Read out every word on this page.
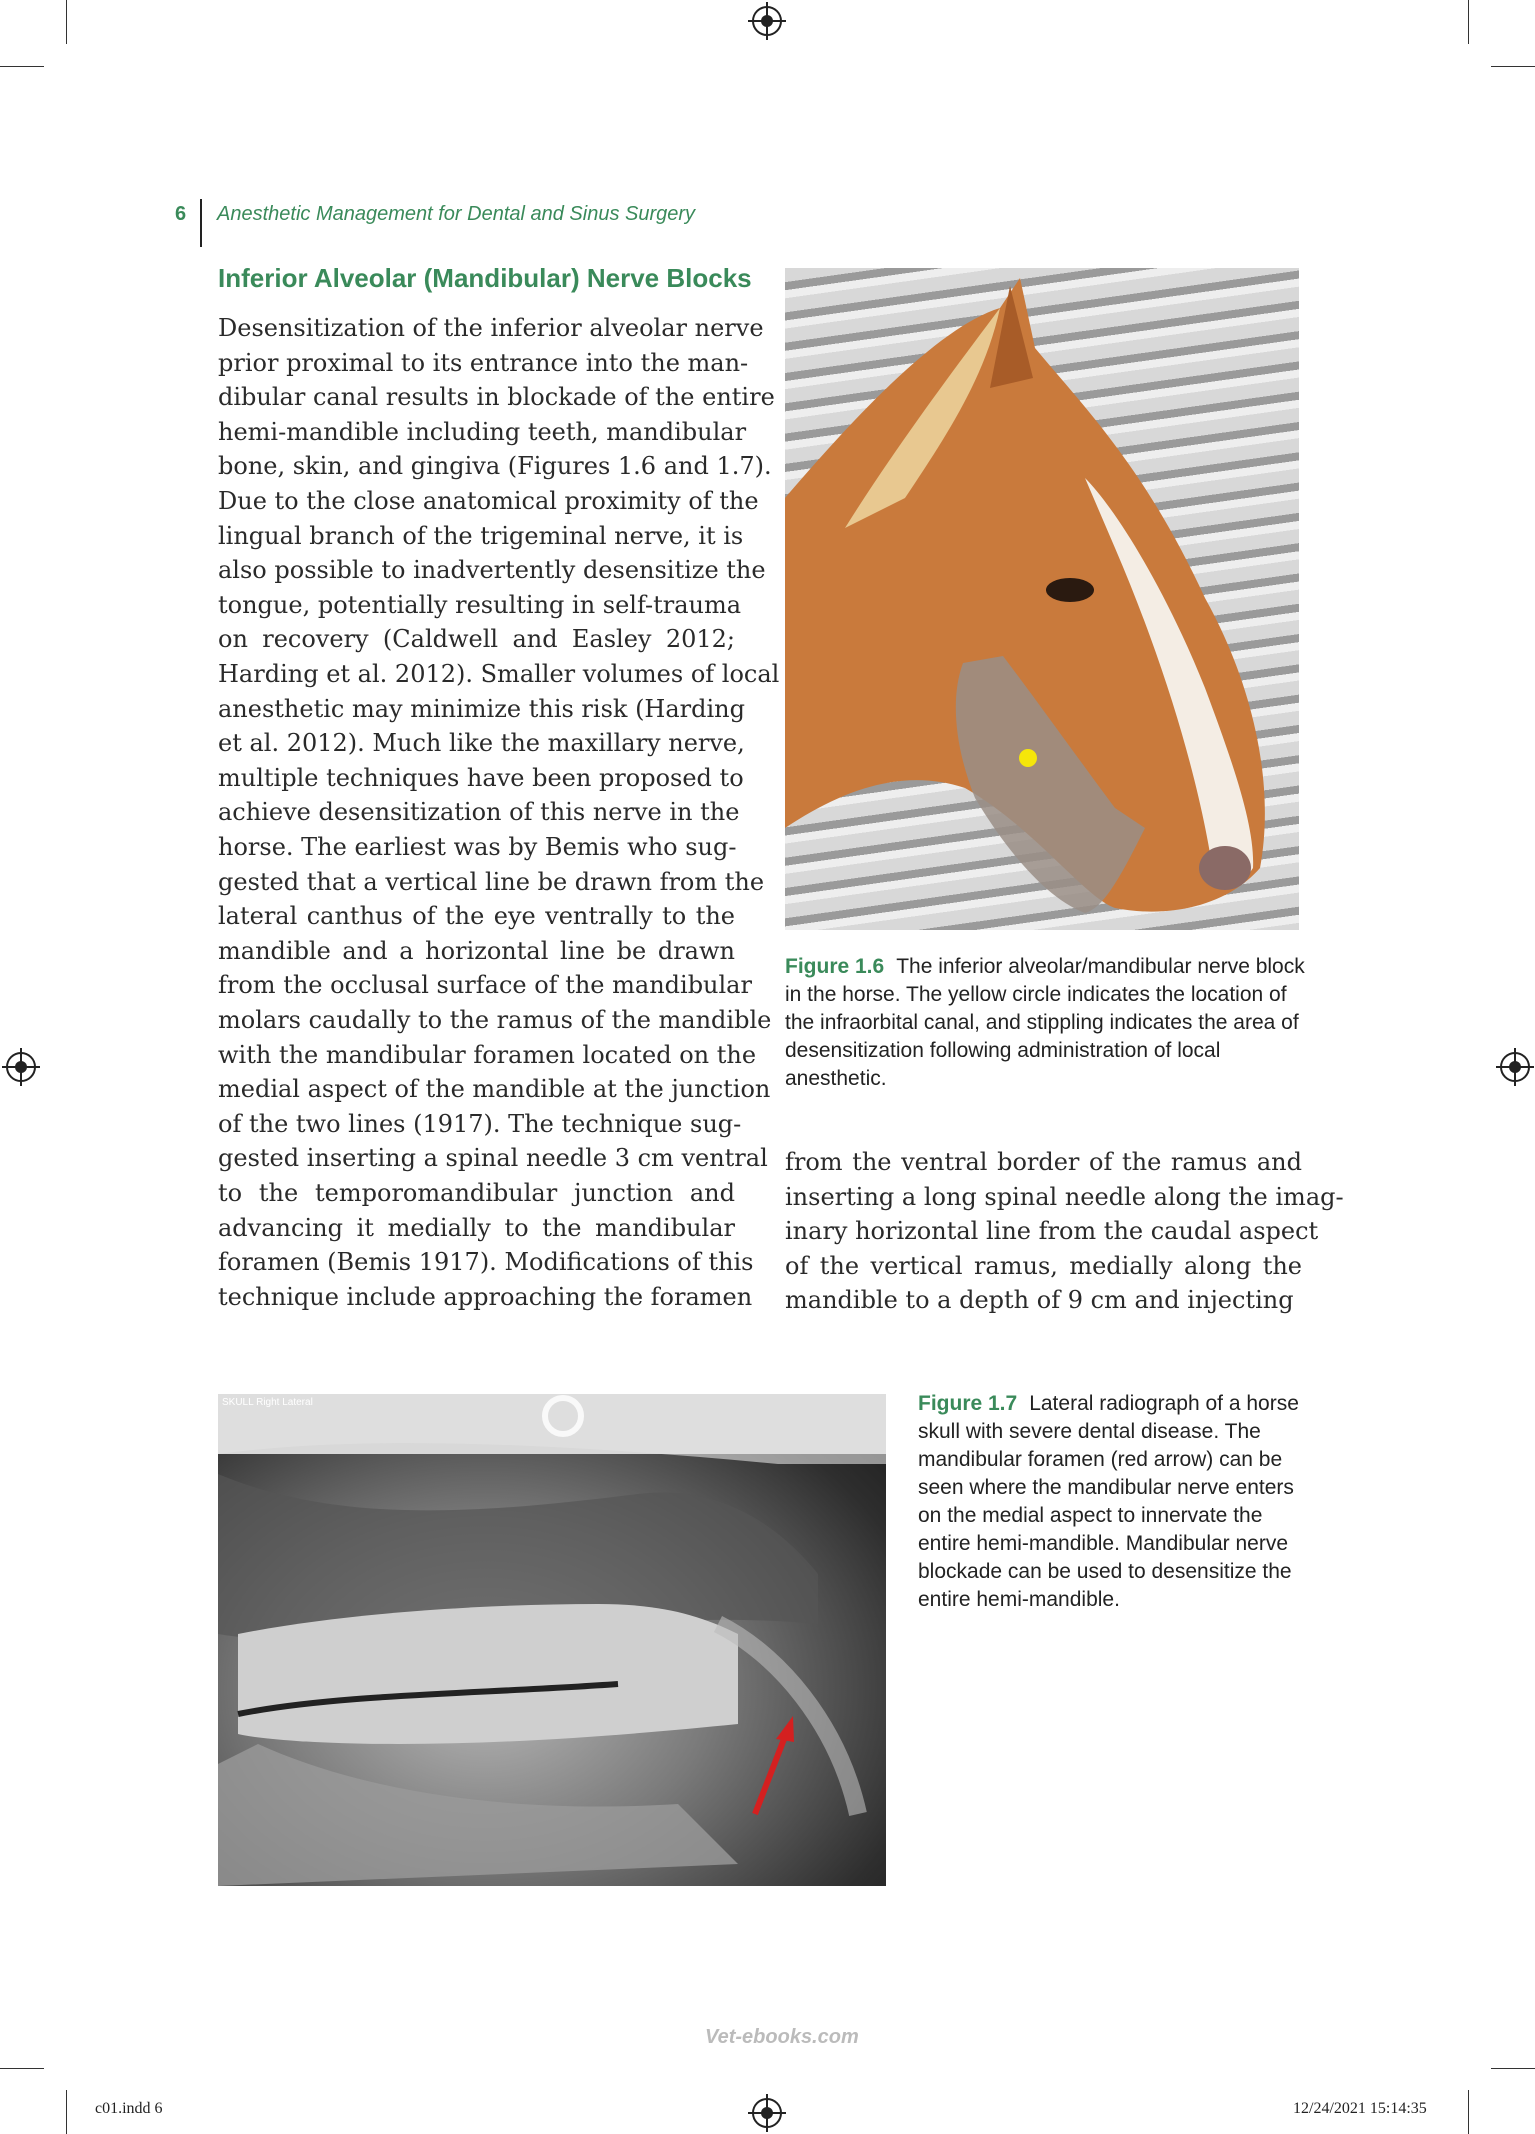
6 Anesthetic Management for Dental and Sinus Surgery
Inferior Alveolar (Mandibular) Nerve Blocks
Desensitization of the inferior alveolar nerve
prior proximal to its entrance into the man-
dibular canal results in blockade of the entire
hemi-mandible including teeth, mandibular
bone, skin, and gingiva (Figures 1.6 and 1.7).
Due to the close anatomical proximity of the
lingual branch of the trigeminal nerve, it is
also possible to inadvertently desensitize the
tongue, potentially resulting in self-trauma
on recovery (Caldwell and Easley 2012;
Harding et al. 2012). Smaller volumes of local
anesthetic may minimize this risk (Harding
et al. 2012). Much like the maxillary nerve,
multiple techniques have been proposed to
achieve desensitization of this nerve in the
horse. The earliest was by Bemis who sug-
gested that a vertical line be drawn from the
lateral canthus of the eye ventrally to the
mandible and a horizontal line be drawn
from the occlusal surface of the mandibular
molars caudally to the ramus of the mandible
with the mandibular foramen located on the
medial aspect of the mandible at the junction
of the two lines (1917). The technique sug-
gested inserting a spinal needle 3 cm ventral
to the temporomandibular junction and
advancing it medially to the mandibular
foramen (Bemis 1917). Modifications of this
technique include approaching the foramen
from the ventral border of the ramus and
inserting a long spinal needle along the imag-
inary horizontal line from the caudal aspect
of the vertical ramus, medially along the
mandible to a depth of 9 cm and injecting
Figure 1.6 The inferior alveolar/mandibular nerve block in the horse. The yellow circle indicates the location of the infraorbital canal, and stippling indicates the area of desensitization following administration of local anesthetic.
SKULL Right Lateral	Figure 1.7 Lateral radiograph of a horse skull with severe dental disease. The mandibular foramen (red arrow) can be seen where the mandibular nerve enters on the medial aspect to innervate the entire hemi-mandible. Mandibular nerve blockade can be used to desensitize the entire hemi-mandible.
Vet-ebooks.com
c01.indd 6	12/24/2021 15:14:35
